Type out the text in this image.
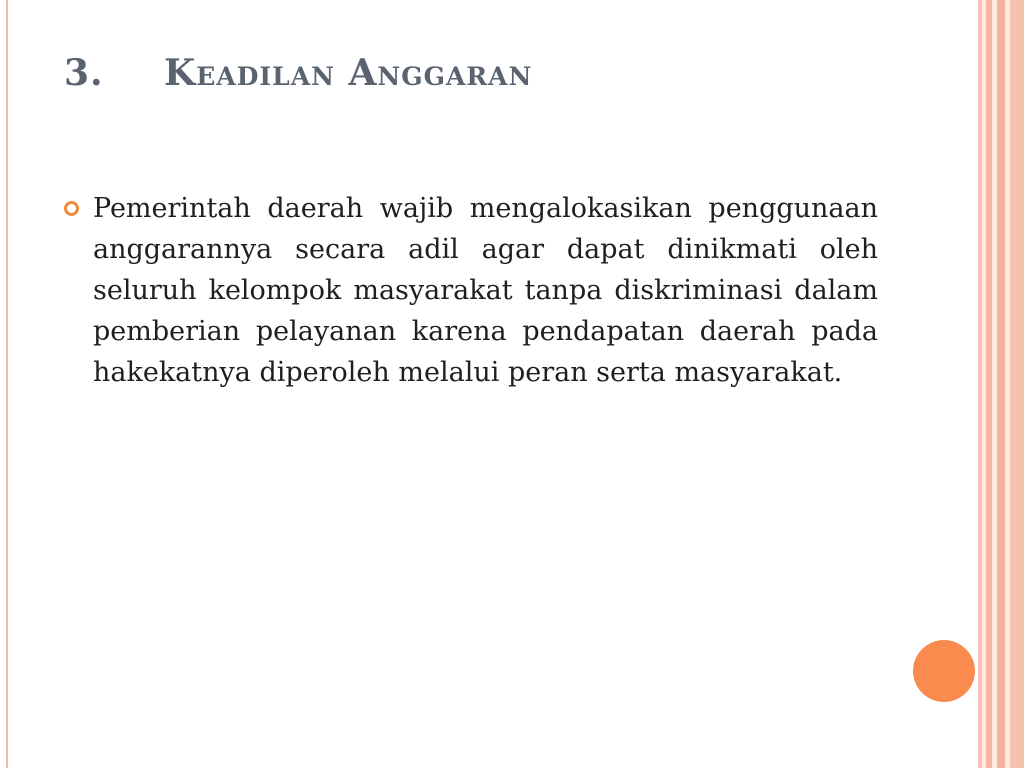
3. Keadilan Anggaran

Pemerintah daerah wajib mengalokasikan penggunaan anggarannya secara adil agar dapat dinikmati oleh seluruh kelompok masyarakat tanpa diskriminasi dalam pemberian pelayanan karena pendapatan daerah pada hakekatnya diperoleh melalui peran serta masyarakat.
